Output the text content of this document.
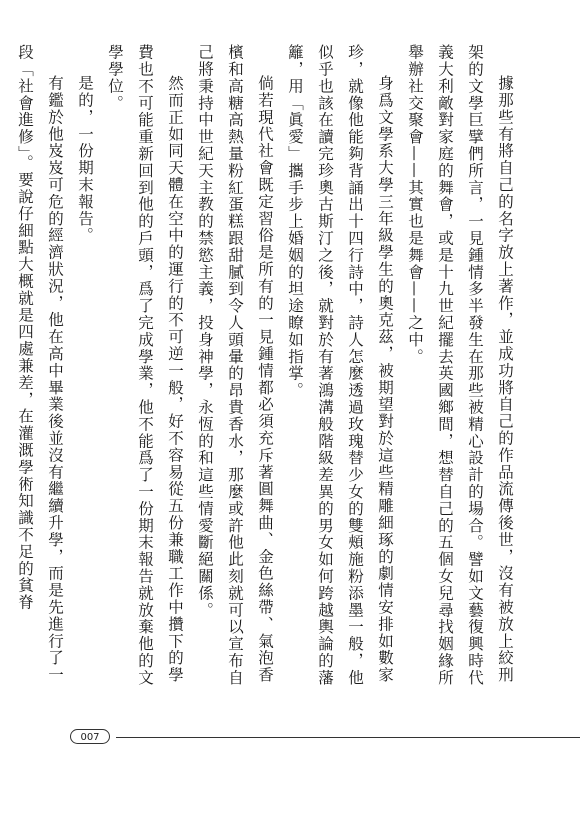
據那些有將自己的名字放上著作，並成功將自己的作品流傳後世，沒有被放上絞刑架的文學巨擘們所言，一見鍾情多半發生在那些被精心設計的場合。譬如文藝復興時代義大利敵對家庭的舞會，或是十九世紀擺去英國鄉間，想替自己的五個女兒尋找姻緣所舉辦社交聚會——其實也是舞會——之中。

身爲文學系大學三年級學生的奧克茲，被期望對於這些精雕細琢的劇情安排如數家珍，就像他能夠背誦出十四行詩中，詩人怎麼透過玫瑰替少女的雙頰施粉添墨一般，他似乎也該在讀完珍奧古斯汀之後，就對於有著鴻溝般階級差異的男女如何跨越輿論的藩籬，用「眞愛」攜手步上婚姻的坦途瞭如指掌。

倘若現代社會既定習俗是所有的一見鍾情都必須充斥著圓舞曲、金色絲帶、氣泡香檳和高糖高熱量粉紅蛋糕跟甜膩到令人頭暈的昂貴香水，那麼或許他此刻就可以宣布自己將秉持中世紀天主教的禁慾主義，投身神學，永恆的和這些情愛斷絕關係。

然而正如同天體在空中的運行的不可逆一般，好不容易從五份兼職工作中攢下的學費也不可能重新回到他的戶頭，爲了完成學業，他不能爲了一份期末報告就放棄他的文學學位。

是的，一份期末報告。

有鑑於他岌岌可危的經濟狀況，他在高中畢業後並沒有繼續升學，而是先進行了一段「社會進修」。要說仔細點大概就是四處兼差，在灌溉學術知識不足的貧脊

007
